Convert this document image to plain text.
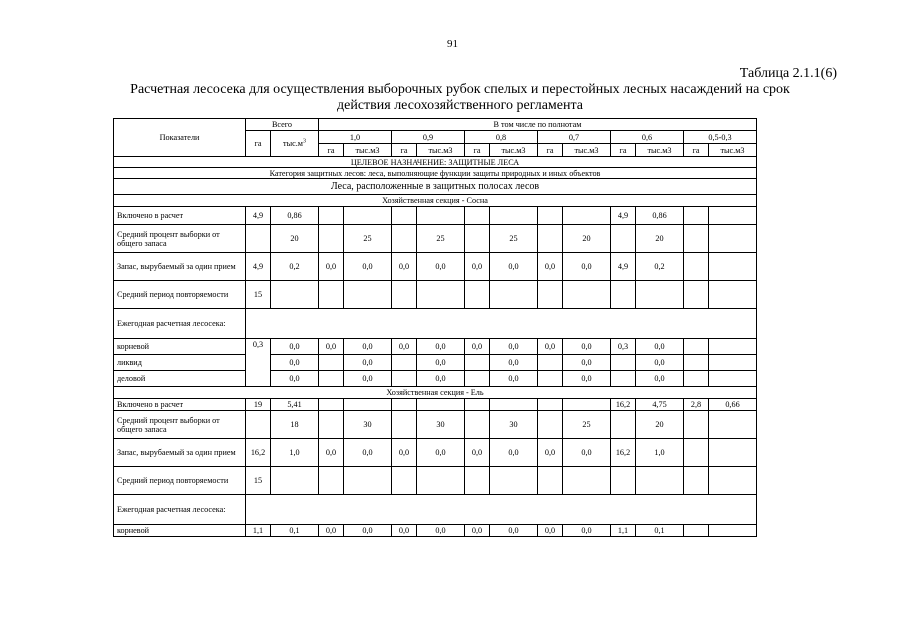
91
Таблица 2.1.1(6)
Расчетная лесосека для осуществления выборочных рубок спелых и перестойных лесных насаждений на срок
действия лесохозяйственного регламента
Показатели	Всего		В том числе по полнотам											
	га	$тыс.м^3$	1,0		0,9		0,8		0,7		0,6		0,5-0,3	
			га	тыс.м3	га	тыс.м3	га	тыс.м3	га	тыс.м3	га	тыс.м3	га	тыс.м3
ЦЕЛЕВОЕ НАЗНАЧЕНИЕ: ЗАЩИТНЫЕ ЛЕСА														
Категория защитных лесов: леса, выполняющие функции защиты природных и иных объектов														
Леса, расположенные в защитных полосах лесов														
Хозяйственная секция - Сосна														
Включено в расчет	4,9	0,86									4,9	0,86		
Средний процент выборки от общего запаса		20		25		25		25		20		20		
Запас, вырубаемый за один прием	4,9	0,2	0,0	0,0	0,0	0,0	0,0	0,0	0,0	0,0	4,9	0,2		
Средний период повторяемости	15													
Ежегодная расчетная лесосека:														
корневой	0,3	0,0	0,0	0,0	0,0	0,0	0,0	0,0	0,0	0,0	0,3	0,0		
ликвид		0,0		0,0		0,0		0,0		0,0		0,0		
деловой		0,0		0,0		0,0		0,0		0,0		0,0		
Хозяйственная секция - Ель														
Включено в расчет	19	5,41									16,2	4,75	2,8	0,66
Средний процент выборки от общего запаса		18		30		30		30		25		20		
Запас, вырубаемый за один прием	16,2	1,0	0,0	0,0	0,0	0,0	0,0	0,0	0,0	0,0	16,2	1,0		
Средний период повторяемости	15													
Ежегодная расчетная лесосека:														
корневой	1,1	0,1	0,0	0,0	0,0	0,0	0,0	0,0	0,0	0,0	1,1	0,1		
